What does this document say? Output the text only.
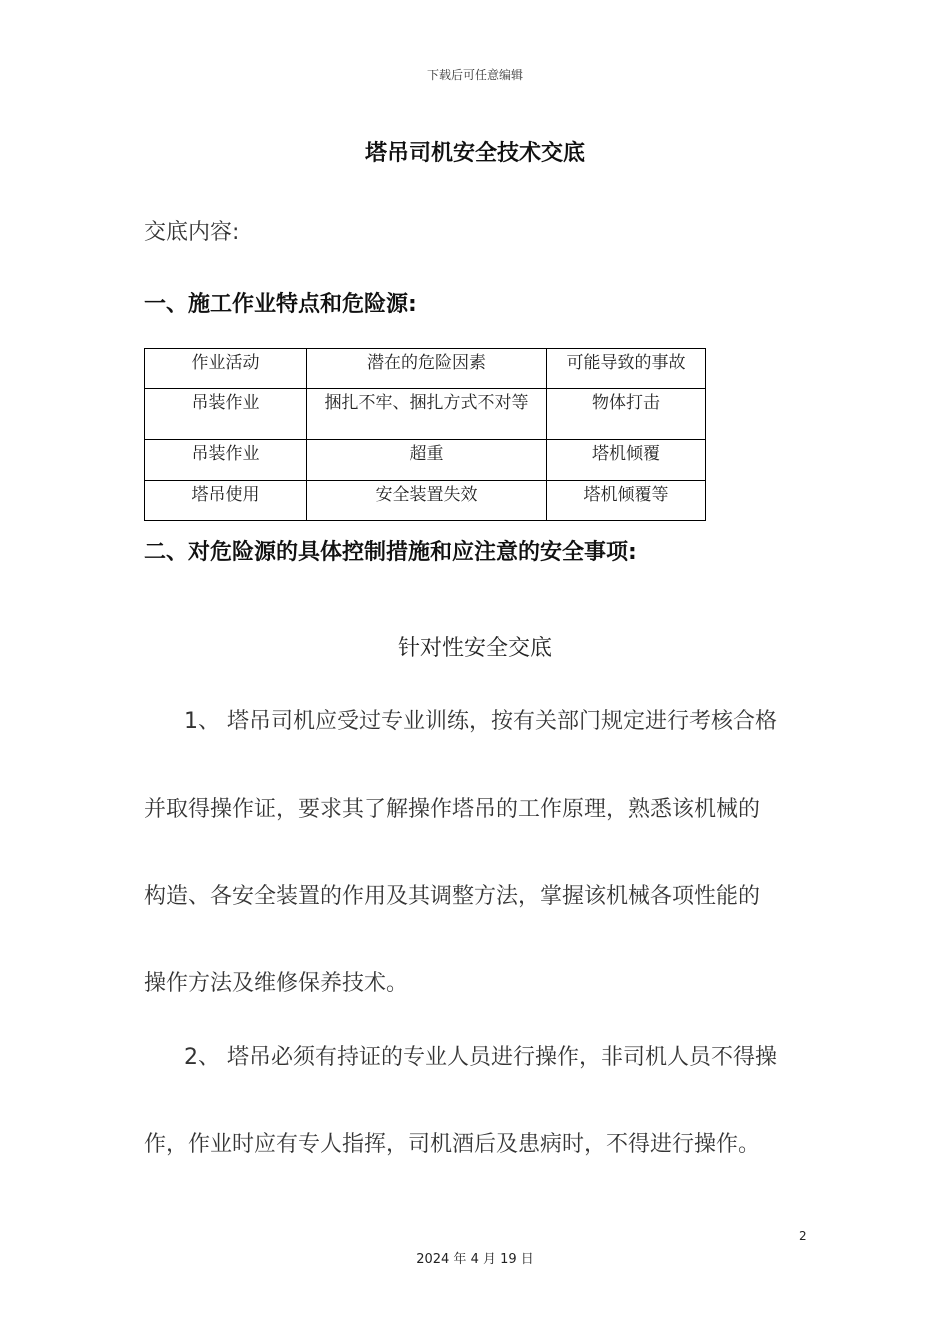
下载后可任意编辑
塔吊司机安全技术交底
交底内容:
一、施工作业特点和危险源:
作业活动	潜在的危险因素	可能导致的事故
吊装作业	捆扎不牢、捆扎方式不对等	物体打击
吊装作业	超重	塔机倾覆
塔吊使用	安全装置失效	塔机倾覆等
二、对危险源的具体控制措施和应注意的安全事项:
针对性安全交底
1、 塔吊司机应受过专业训练，按有关部门规定进行考核合格
并取得操作证，要求其了解操作塔吊的工作原理，熟悉该机械的
构造、各安全装置的作用及其调整方法，掌握该机械各项性能的
操作方法及维修保养技术。
2、 塔吊必须有持证的专业人员进行操作，非司机人员不得操
作，作业时应有专人指挥，司机酒后及患病时，不得进行操作。
2
2024 年 4 月 19 日
